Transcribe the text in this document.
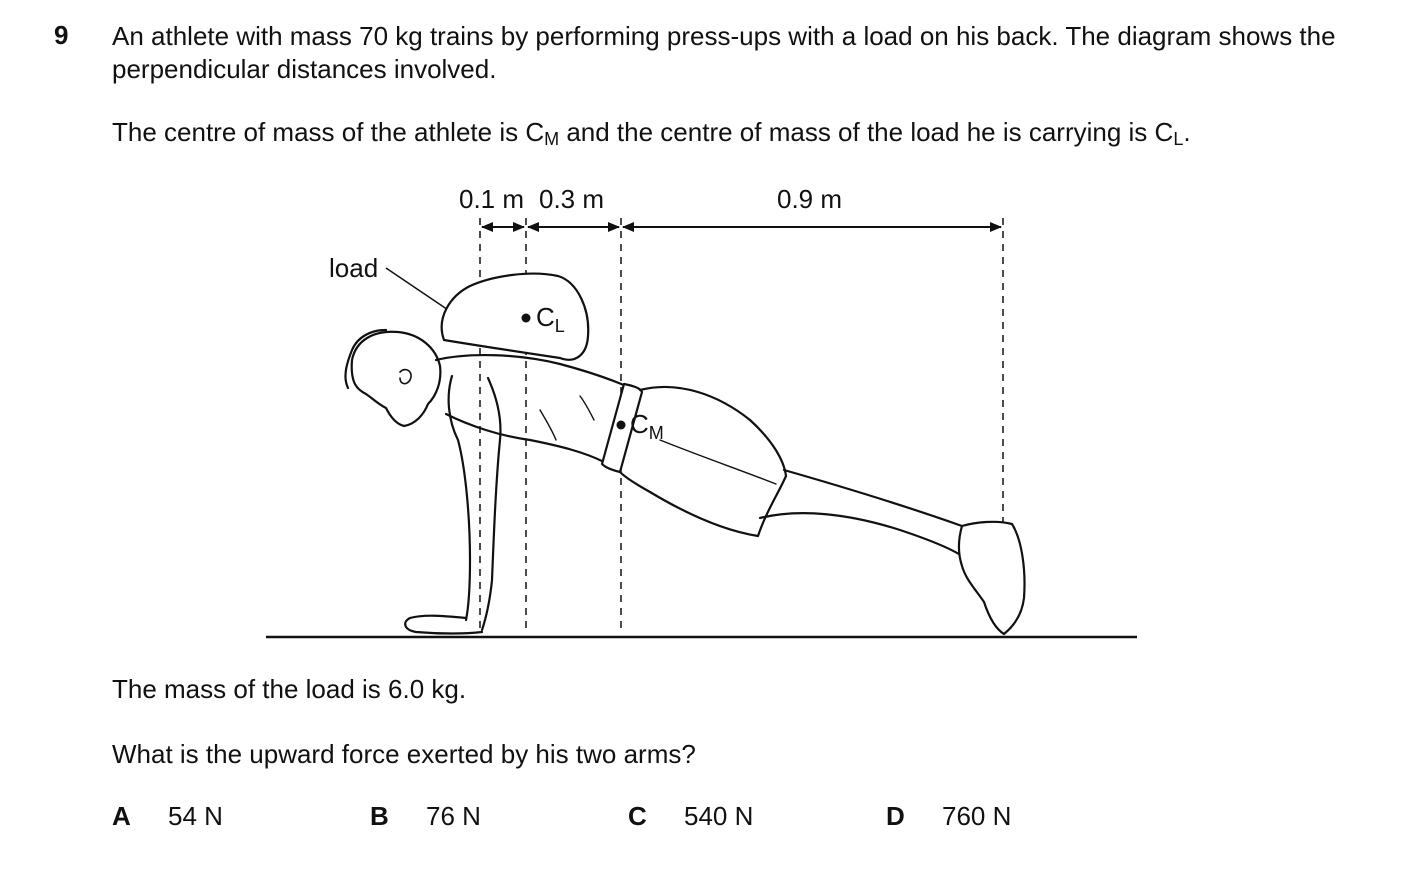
9 An athlete with mass 70 kg trains by performing press-ups with a load on his back. The diagram shows the perpendicular distances involved.
The centre of mass of the athlete is $C_M$ and the centre of mass of the load he is carrying is $C_L$.
0.1 m 0.3 m	0.9 m
load
$C_L$
$C_M$
The mass of the load is 6.0 kg.
What is the upward force exerted by his two arms?
A 54 N	B 76 N	C 540 N	D 760 N
